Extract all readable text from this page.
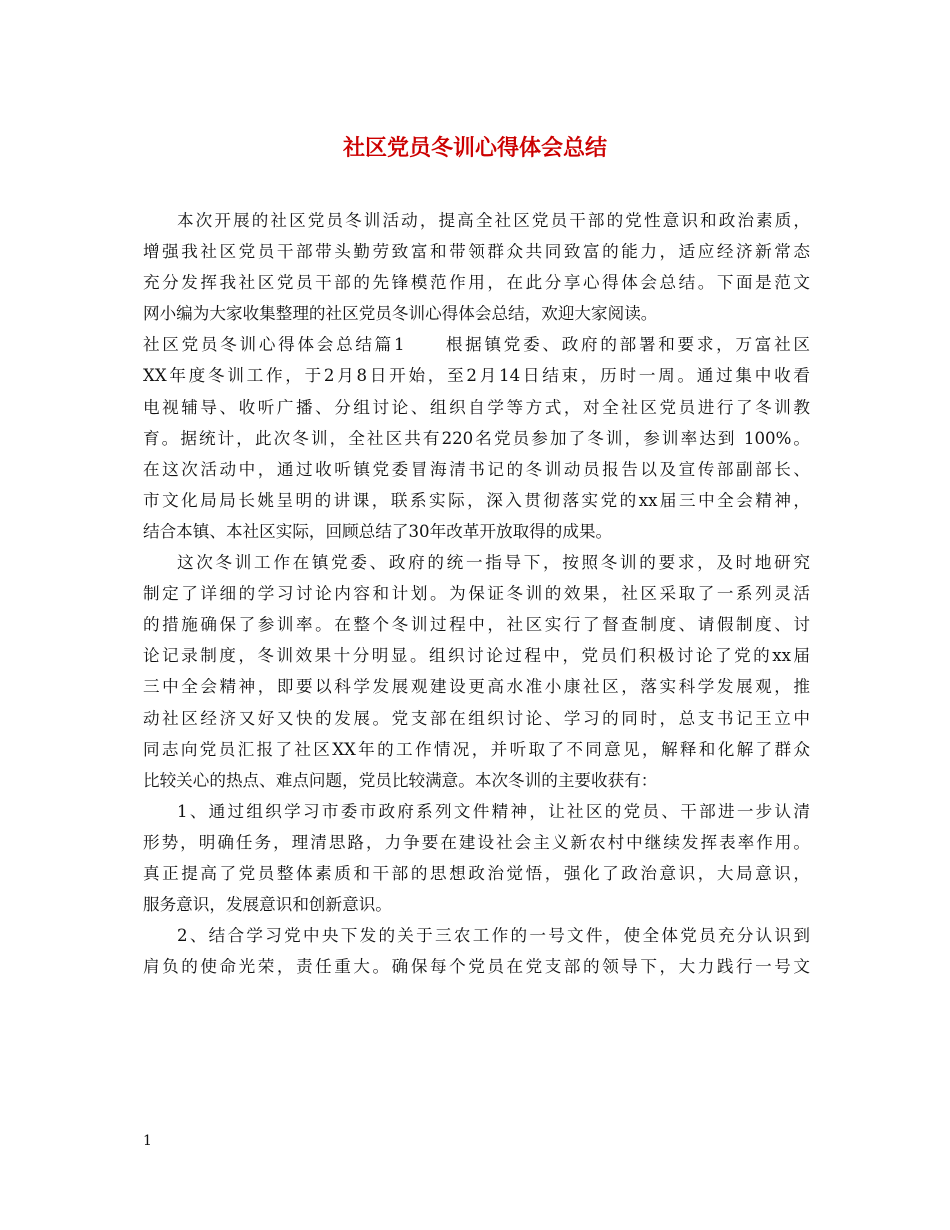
社区党员冬训心得体会总结
本次开展的社区党员冬训活动，提高全社区党员干部的党性意识和政治素质，
增强我社区党员干部带头勤劳致富和带领群众共同致富的能力，适应经济新常态
充分发挥我社区党员干部的先锋模范作用，在此分享心得体会总结。下面是范文
网小编为大家收集整理的社区党员冬训心得体会总结，欢迎大家阅读。
社区党员冬训心得体会总结篇1　　根据镇党委、政府的部署和要求，万富社区
XX年度冬训工作，于2月8日开始，至2月14日结束，历时一周。通过集中收看
电视辅导、收听广播、分组讨论、组织自学等方式，对全社区党员进行了冬训教
育。据统计，此次冬训，全社区共有220名党员参加了冬训，参训率达到 100%。
在这次活动中，通过收听镇党委冒海清书记的冬训动员报告以及宣传部副部长、
市文化局局长姚呈明的讲课，联系实际，深入贯彻落实党的xx届三中全会精神，
结合本镇、本社区实际，回顾总结了30年改革开放取得的成果。
这次冬训工作在镇党委、政府的统一指导下，按照冬训的要求，及时地研究
制定了详细的学习讨论内容和计划。为保证冬训的效果，社区采取了一系列灵活
的措施确保了参训率。在整个冬训过程中，社区实行了督查制度、请假制度、讨
论记录制度，冬训效果十分明显。组织讨论过程中，党员们积极讨论了党的xx届
三中全会精神，即要以科学发展观建设更高水准小康社区，落实科学发展观，推
动社区经济又好又快的发展。党支部在组织讨论、学习的同时，总支书记王立中
同志向党员汇报了社区XX年的工作情况，并听取了不同意见，解释和化解了群众
比较关心的热点、难点问题，党员比较满意。本次冬训的主要收获有：
1、通过组织学习市委市政府系列文件精神，让社区的党员、干部进一步认清
形势，明确任务，理清思路，力争要在建设社会主义新农村中继续发挥表率作用。
真正提高了党员整体素质和干部的思想政治觉悟，强化了政治意识，大局意识，
服务意识，发展意识和创新意识。
2、结合学习党中央下发的关于三农工作的一号文件，使全体党员充分认识到
肩负的使命光荣，责任重大。确保每个党员在党支部的领导下，大力践行一号文
1
